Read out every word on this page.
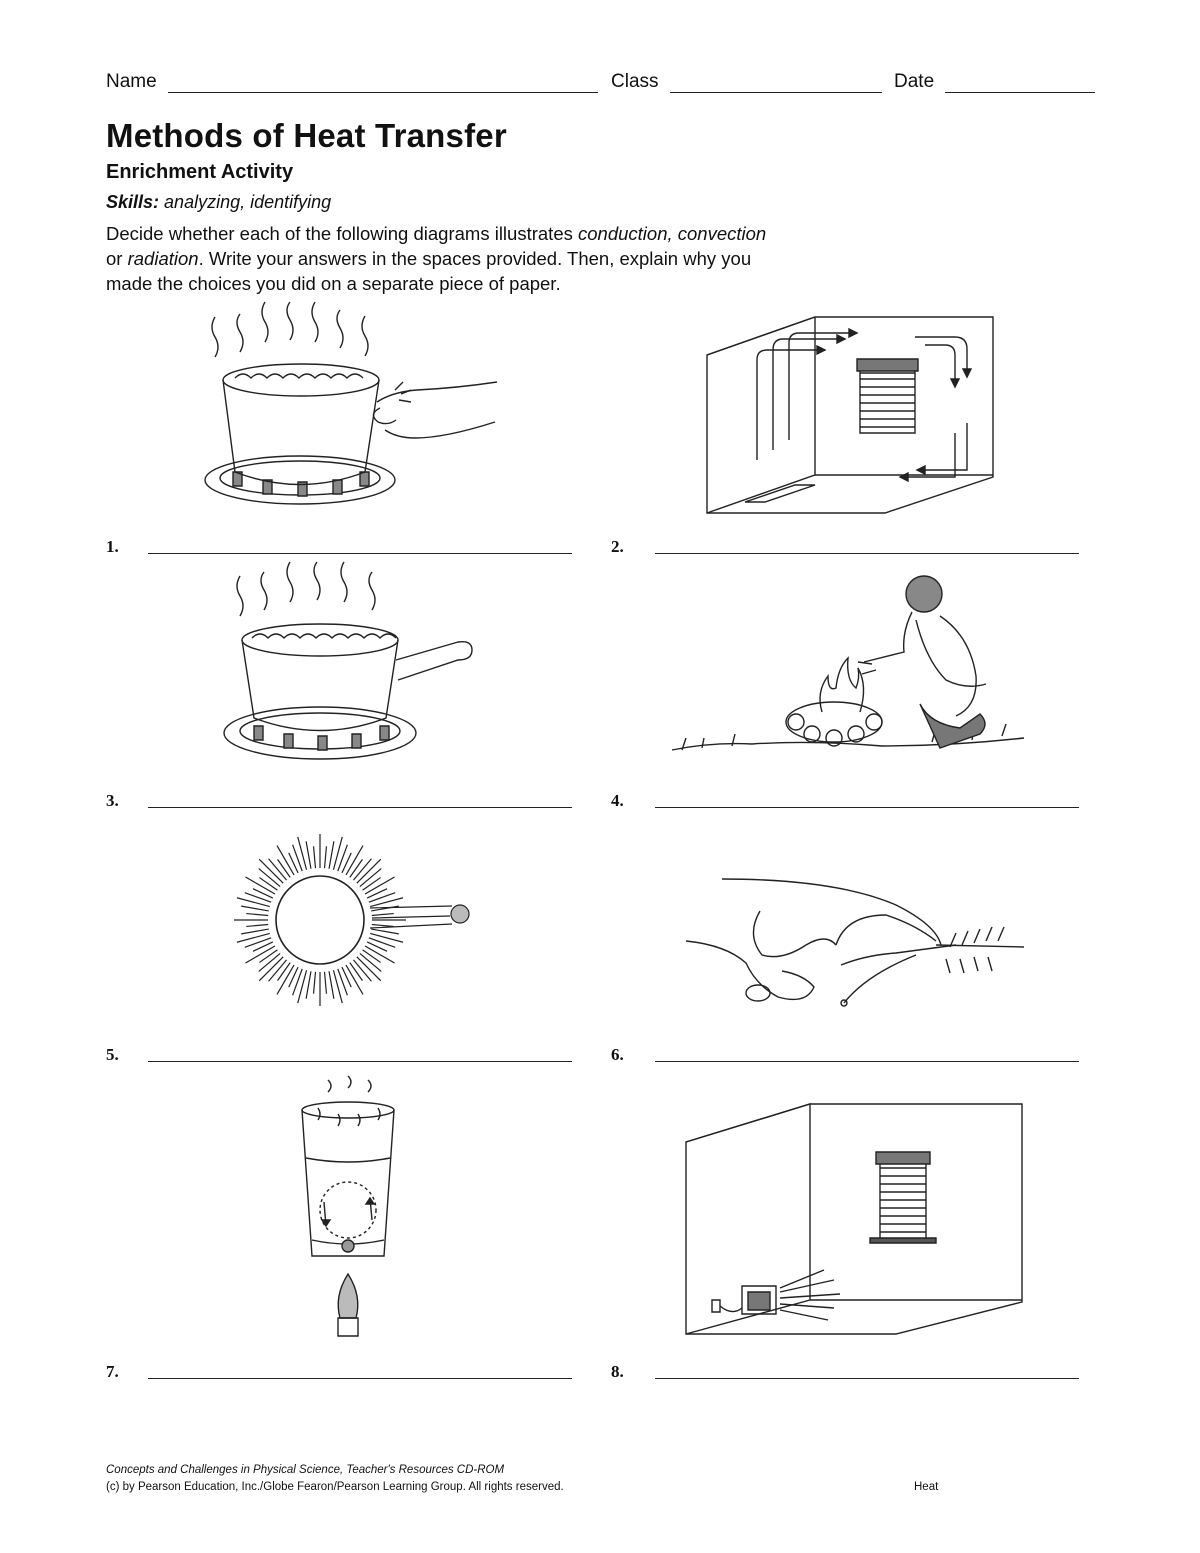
Name	Class	Date
Methods of Heat Transfer
Enrichment Activity
Skills: analyzing, identifying
Decide whether each of the following diagrams illustrates conduction, convection
or radiation. Write your answers in the spaces provided. Then, explain why you
made the choices you did on a separate piece of paper.
1.	2.
3.	4.
5.	6.
7.	8.
Concepts and Challenges in Physical Science, Teacher's Resources CD-ROM
(c) by Pearson Education, Inc./Globe Fearon/Pearson Learning Group. All rights reserved.	Heat
